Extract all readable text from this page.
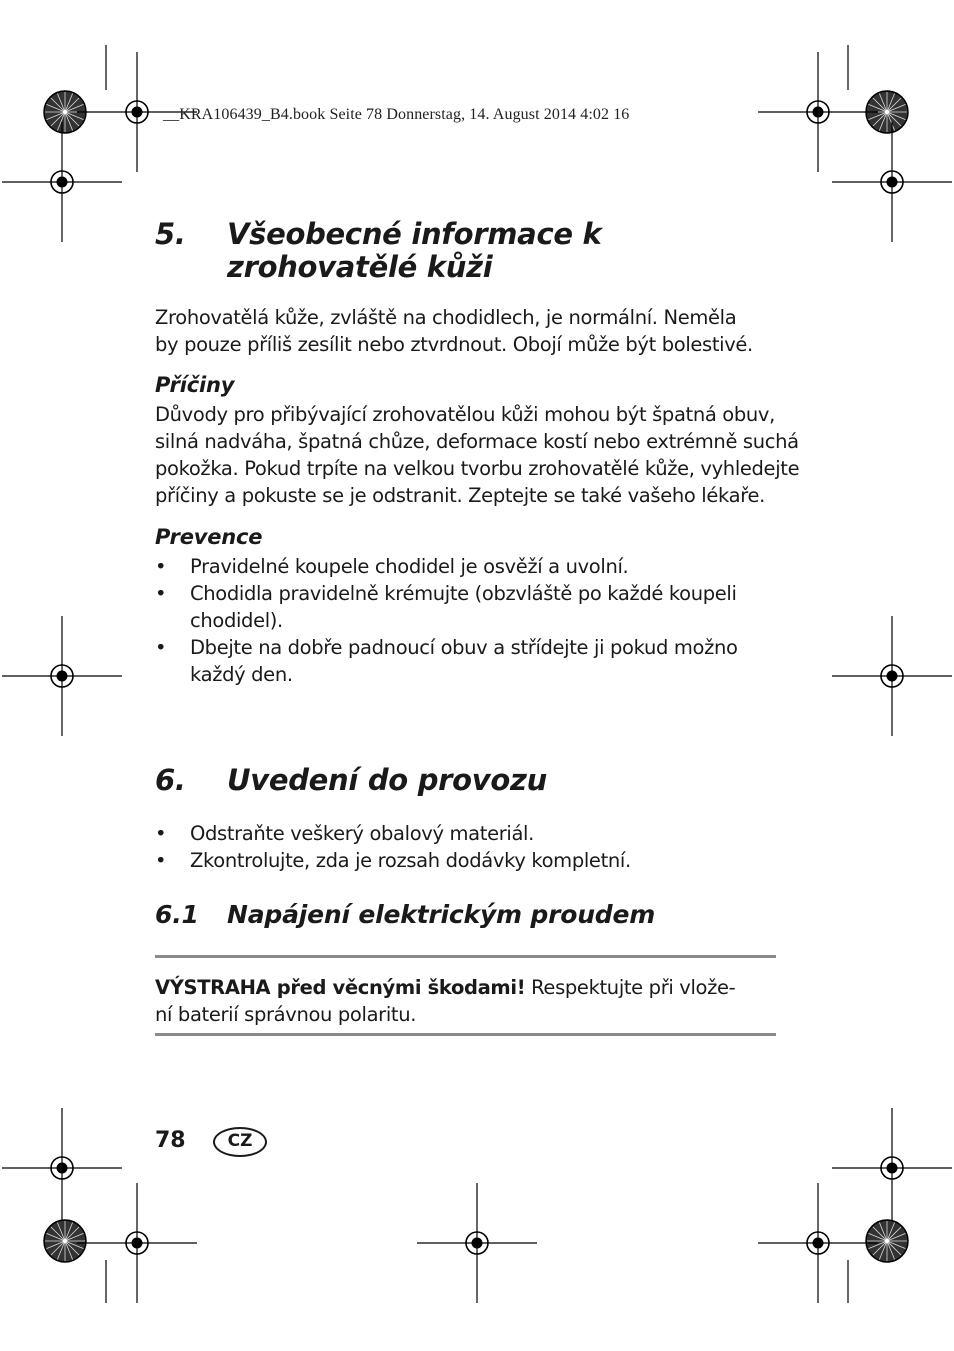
__KRA106439_B4.book Seite 78 Donnerstag, 14. August 2014 4:02 16
5. Všeobecné informace k
zrohovatělé kůži
Zrohovatělá kůže, zvláště na chodidlech, je normální. Neměla
by pouze příliš zesílit nebo ztvrdnout. Obojí může být bolestivé.
Příčiny
Důvody pro přibývající zrohovatělou kůži mohou být špatná obuv,
silná nadváha, špatná chůze, deformace kostí nebo extrémně suchá
pokožka. Pokud trpíte na velkou tvorbu zrohovatělé kůže, vyhledejte
příčiny a pokuste se je odstranit. Zeptejte se také vašeho lékaře.
Prevence
• Pravidelné koupele chodidel je osvěží a uvolní.
• Chodidla pravidelně krémujte (obzvláště po každé koupeli
chodidel).
• Dbejte na dobře padnoucí obuv a střídejte ji pokud možno
každý den.
6. Uvedení do provozu
• Odstraňte veškerý obalový materiál.
• Zkontrolujte, zda je rozsah dodávky kompletní.
6.1 Napájení elektrickým proudem
VÝSTRAHA před věcnými škodami! Respektujte při vlože-
ní baterií správnou polaritu.
78	CZ
